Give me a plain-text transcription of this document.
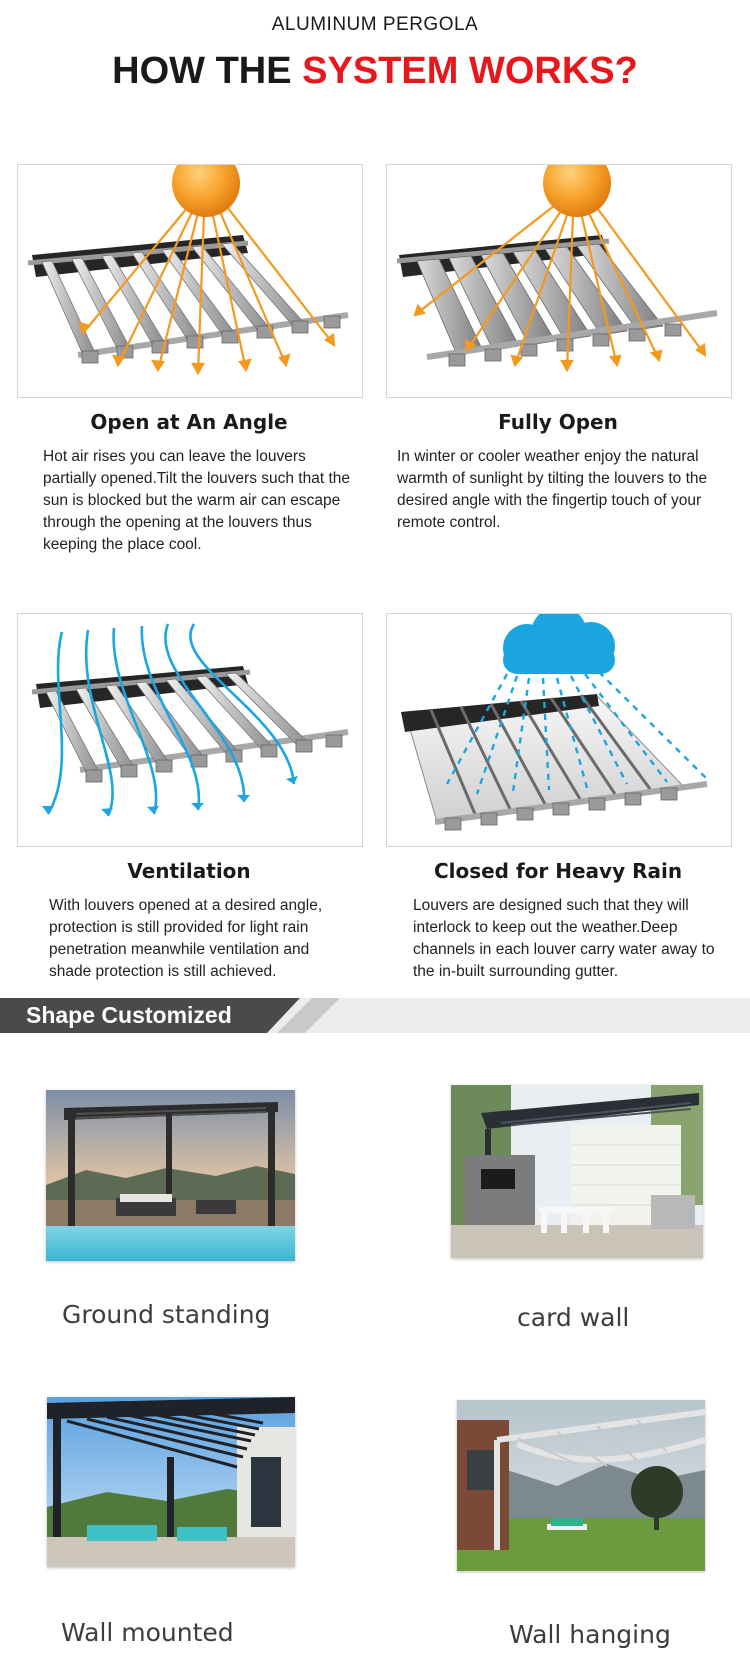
ALUMINUM PERGOLA
HOW THE SYSTEM WORKS?
Open at An Angle
Hot air rises you can leave the louvers partially opened.Tilt the louvers such that the sun is blocked but the warm air can escape through the opening at the louvers thus keeping the place cool.
Fully Open
In winter or cooler weather enjoy the natural warmth of sunlight by tilting the louvers to the desired angle with the fingertip touch of your remote control.
Ventilation
With louvers opened at a desired angle, protection is still provided for light rain penetration meanwhile ventilation and shade protection is still achieved.
Closed for Heavy Rain
Louvers are designed such that they will interlock to keep out the weather.Deep channels in each louver carry water away to the in-built surrounding gutter.
Shape Customized
Ground standing	card wall
Wall mounted	Wall hanging
